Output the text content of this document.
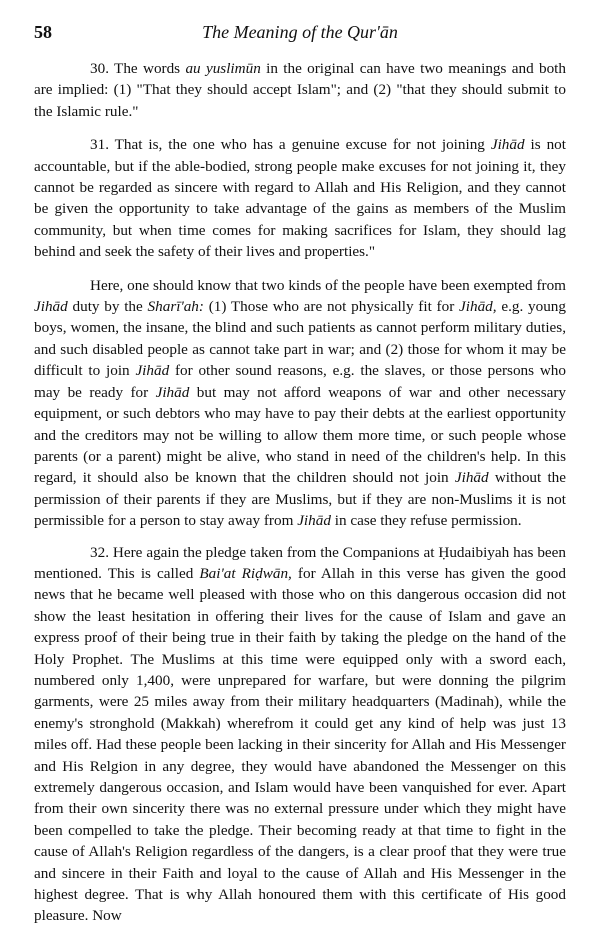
58	The Meaning of the Qur'ān

30. The words au yuslimūn in the original can have two meanings and both are implied: (1) "That they should accept Islam"; and (2) "that they should submit to the Islamic rule."

31. That is, the one who has a genuine excuse for not joining Jihād is not accountable, but if the able-bodied, strong people make excuses for not joining it, they cannot be regarded as sincere with regard to Allah and His Religion, and they cannot be given the opportunity to take advantage of the gains as members of the Muslim community, but when time comes for making sacrifices for Islam, they should lag behind and seek the safety of their lives and properties."

Here, one should know that two kinds of the people have been exempted from Jihād duty by the Sharī'ah: (1) Those who are not physically fit for Jihād, e.g. young boys, women, the insane, the blind and such patients as cannot perform military duties, and such disabled people as cannot take part in war; and (2) those for whom it may be difficult to join Jihād for other sound reasons, e.g. the slaves, or those persons who may be ready for Jihād but may not afford weapons of war and other necessary equipment, or such debtors who may have to pay their debts at the earliest opportunity and the creditors may not be willing to allow them more time, or such people whose parents (or a parent) might be alive, who stand in need of the children's help. In this regard, it should also be known that the children should not join Jihād without the permission of their parents if they are Muslims, but if they are non-Muslims it is not permissible for a person to stay away from Jihād in case they refuse permission.

32. Here again the pledge taken from the Companions at Ḥudaibiyah has been mentioned. This is called Bai'at Riḍwān, for Allah in this verse has given the good news that he became well pleased with those who on this dangerous occasion did not show the least hesitation in offering their lives for the cause of Islam and gave an express proof of their being true in their faith by taking the pledge on the hand of the Holy Prophet. The Muslims at this time were equipped only with a sword each, numbered only 1,400, were unprepared for warfare, but were donning the pilgrim garments, were 25 miles away from their military headquarters (Madinah), while the enemy's stronghold (Makkah) wherefrom it could get any kind of help was just 13 miles off. Had these people been lacking in their sincerity for Allah and His Messenger and His Relgion in any degree, they would have abandoned the Messenger on this extremely dangerous occasion, and Islam would have been vanquished for ever. Apart from their own sincerity there was no external pressure under which they might have been compelled to take the pledge. Their becoming ready at that time to fight in the cause of Allah's Religion regardless of the dangers, is a clear proof that they were true and sincere in their Faith and loyal to the cause of Allah and His Messenger in the highest degree. That is why Allah honoured them with this certificate of His good pleasure. Now
